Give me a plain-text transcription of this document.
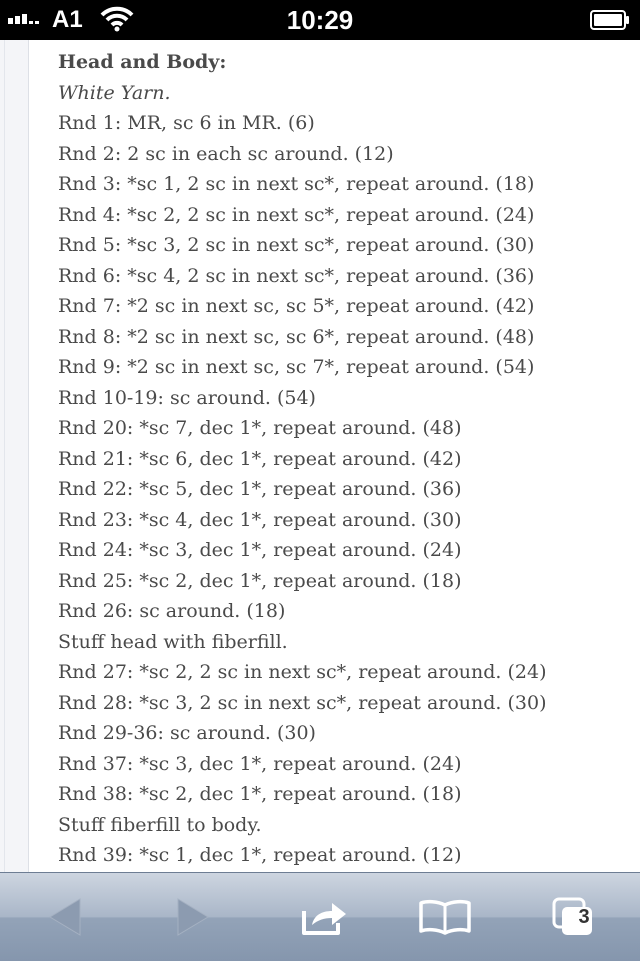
A1	10:29
Head and Body:
White Yarn.
Rnd 1: MR, sc 6 in MR. (6)
Rnd 2: 2 sc in each sc around. (12)
Rnd 3: *sc 1, 2 sc in next sc*, repeat around. (18)
Rnd 4: *sc 2, 2 sc in next sc*, repeat around. (24)
Rnd 5: *sc 3, 2 sc in next sc*, repeat around. (30)
Rnd 6: *sc 4, 2 sc in next sc*, repeat around. (36)
Rnd 7: *2 sc in next sc, sc 5*, repeat around. (42)
Rnd 8: *2 sc in next sc, sc 6*, repeat around. (48)
Rnd 9: *2 sc in next sc, sc 7*, repeat around. (54)
Rnd 10-19: sc around. (54)
Rnd 20: *sc 7, dec 1*, repeat around. (48)
Rnd 21: *sc 6, dec 1*, repeat around. (42)
Rnd 22: *sc 5, dec 1*, repeat around. (36)
Rnd 23: *sc 4, dec 1*, repeat around. (30)
Rnd 24: *sc 3, dec 1*, repeat around. (24)
Rnd 25: *sc 2, dec 1*, repeat around. (18)
Rnd 26: sc around. (18)
Stuff head with fiberfill.
Rnd 27: *sc 2, 2 sc in next sc*, repeat around. (24)
Rnd 28: *sc 3, 2 sc in next sc*, repeat around. (30)
Rnd 29-36: sc around. (30)
Rnd 37: *sc 3, dec 1*, repeat around. (24)
Rnd 38: *sc 2, dec 1*, repeat around. (18)
Stuff fiberfill to body.
Rnd 39: *sc 1, dec 1*, repeat around. (12)
3
